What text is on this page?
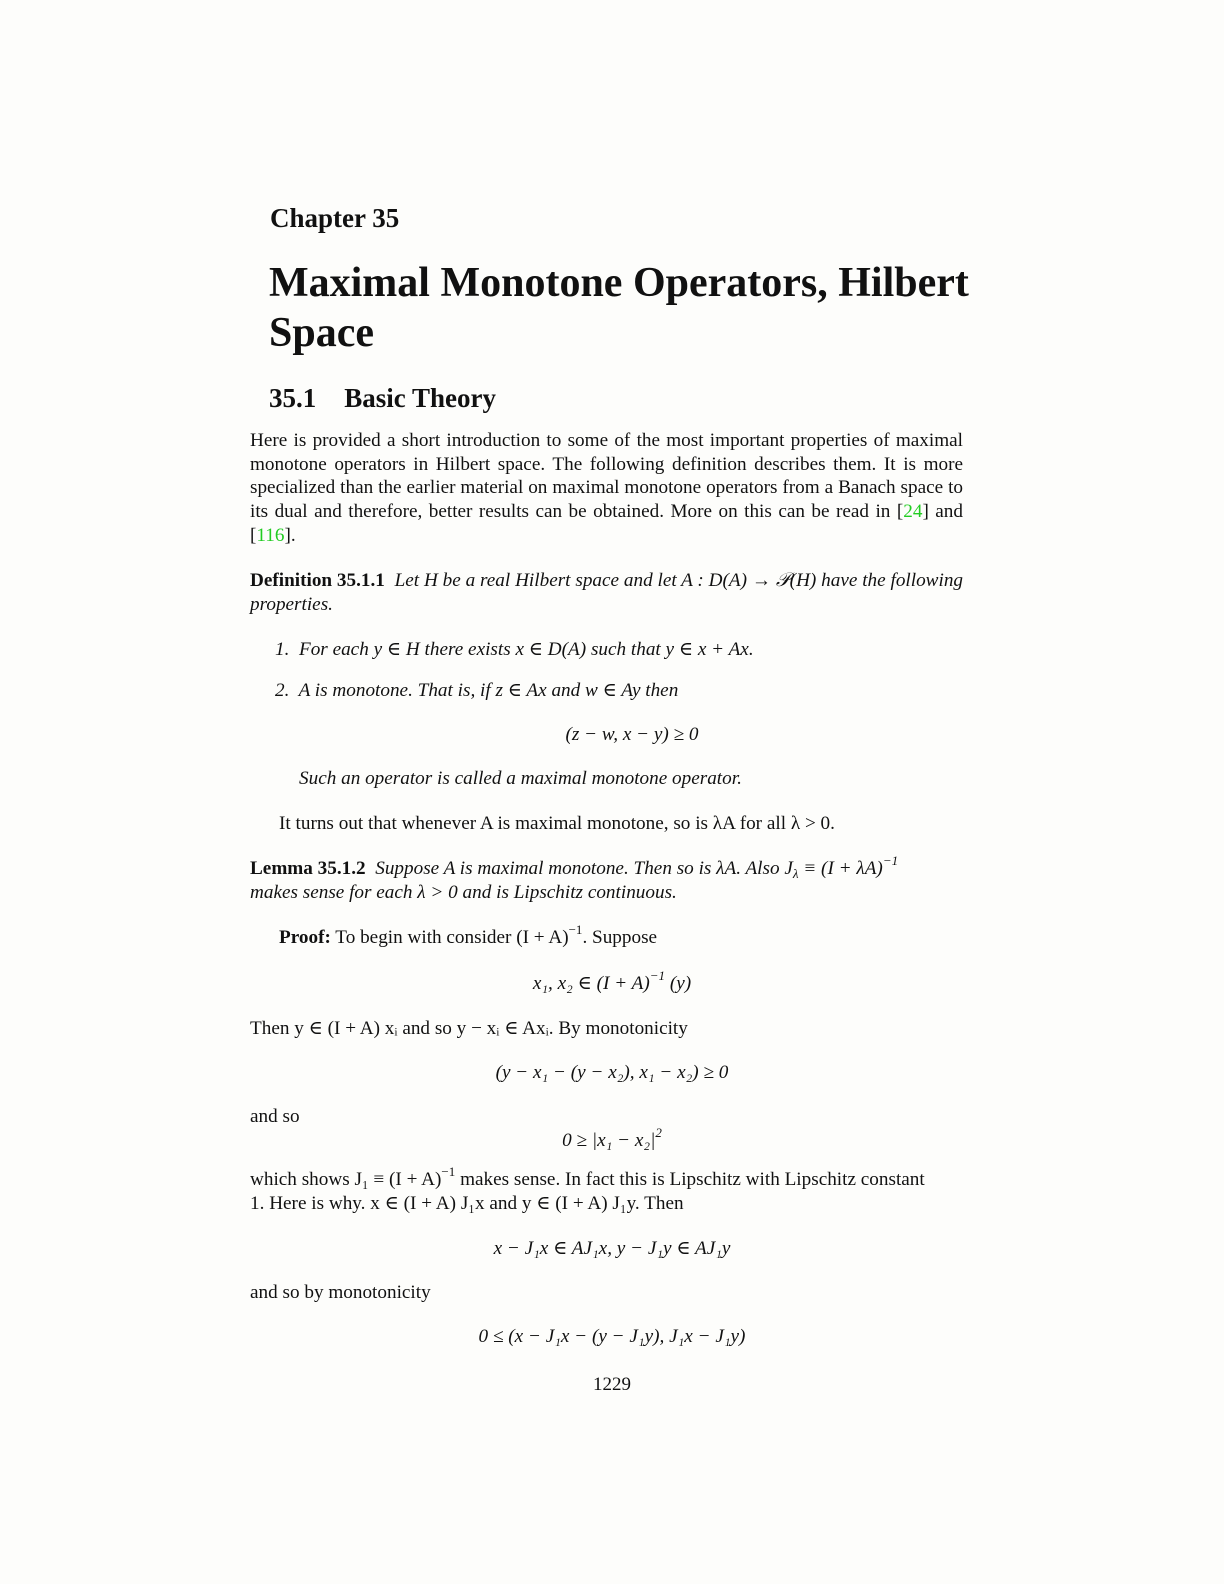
Chapter 35
Maximal Monotone Operators, Hilbert Space
35.1 Basic Theory
Here is provided a short introduction to some of the most important properties of maximal monotone operators in Hilbert space. The following definition describes them. It is more specialized than the earlier material on maximal monotone operators from a Banach space to its dual and therefore, better results can be obtained. More on this can be read in [24] and [116].
Definition 35.1.1 Let H be a real Hilbert space and let A : D(A) → 𝒫(H) have the following properties.
1. For each y ∈ H there exists x ∈ D(A) such that y ∈ x + Ax.
2. A is monotone. That is, if z ∈ Ax and w ∈ Ay then
(z − w, x − y) ≥ 0
Such an operator is called a maximal monotone operator.
It turns out that whenever A is maximal monotone, so is λA for all λ > 0.
Lemma 35.1.2 Suppose A is maximal monotone. Then so is λA. Also $J_\lambda \equiv (I + \lambda A)^{-1}$
makes sense for each λ > 0 and is Lipschitz continuous.
Proof: To begin with consider $(I + A)^{-1}$. Suppose
x₁, x₂ ∈ $(I + A)^{-1}$ (y)
Then y ∈ (I + A) xᵢ and so y − xᵢ ∈ Axᵢ. By monotonicity
(y − x₁ − (y − x₂), x₁ − x₂) ≥ 0
and so
$0 \ge |x_1 - x_2|^2$
which shows $J_1 \equiv (I + A)^{-1}$ makes sense. In fact this is Lipschitz with Lipschitz constant
1. Here is why. x ∈ (I + A) J₁x and y ∈ (I + A) J₁y. Then
x − J₁x ∈ AJ₁x, y − J₁y ∈ AJ₁y
and so by monotonicity
0 ≤ (x − J₁x − (y − J₁y), J₁x − J₁y)
1229
